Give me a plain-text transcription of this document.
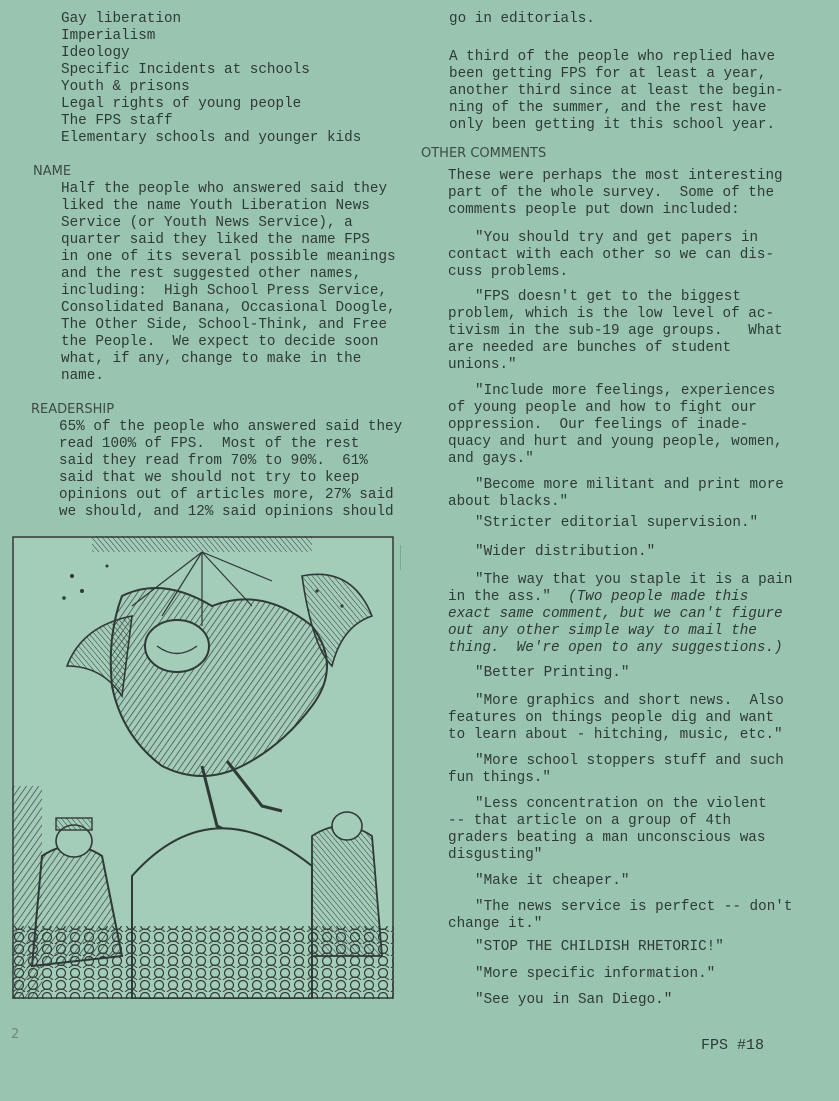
Gay liberation
Imperialism
Ideology
Specific Incidents at schools
Youth & prisons
Legal rights of young people
The FPS staff
Elementary schools and younger kids
NAME
Half the people who answered said they
liked the name Youth Liberation News
Service (or Youth News Service), a
quarter said they liked the name FPS
in one of its several possible meanings
and the rest suggested other names,
including:  High School Press Service,
Consolidated Banana, Occasional Doogle,
The Other Side, School-Think, and Free
the People.  We expect to decide soon
what, if any, change to make in the
name.
READERSHIP
65% of the people who answered said they
read 100% of FPS.  Most of the rest
said they read from 70% to 90%.  61%
said that we should not try to keep
opinions out of articles more, 27% said
we should, and 12% said opinions should
go in editorials.
A third of the people who replied have
been getting FPS for at least a year,
another third since at least the begin-
ning of the summer, and the rest have
only been getting it this school year.
OTHER COMMENTS
These were perhaps the most interesting
part of the whole survey.  Some of the
comments people put down included:
"You should try and get papers in
contact with each other so we can dis-
cuss problems.
"FPS doesn't get to the biggest
problem, which is the low level of ac-
tivism in the sub-19 age groups.   What
are needed are bunches of student
unions."
"Include more feelings, experiences
of young people and how to fight our
oppression.  Our feelings of inade-
quacy and hurt and young people, women,
and gays."
"Become more militant and print more
about blacks."
"Stricter editorial supervision."
"Wider distribution."
"The way that you staple it is a pain
in the ass." (Two people made this
exact same comment, but we can't figure
out any other simple way to mail the
thing.  We're open to any suggestions.)
"Better Printing."
"More graphics and short news.  Also
features on things people dig and want
to learn about - hitching, music, etc."
"More school stoppers stuff and such
fun things."
"Less concentration on the violent
-- that article on a group of 4th
graders beating a man unconscious was
disgusting"
"Make it cheaper."
"The news service is perfect -- don't
change it."
"STOP THE CHILDISH RHETORIC!"
"More specific information."
"See you in San Diego."
2
FPS #18
